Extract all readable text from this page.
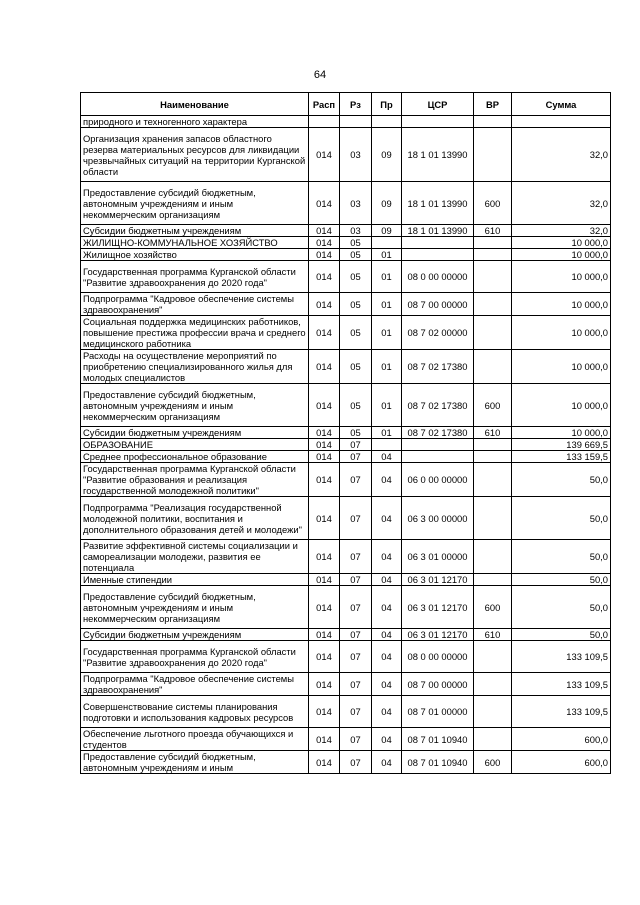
64
Наименование	Расп	Рз	Пр	ЦСР	ВР	Сумма
природного и техногенного характера						
Организация хранения запасов областного резерва материальных ресурсов для ликвидации чрезвычайных ситуаций на территории Курганской области	014	03	09	18 1 01 13990		32,0
Предоставление субсидий бюджетным, автономным учреждениям и иным некоммерческим организациям	014	03	09	18 1 01 13990	600	32,0
Субсидии бюджетным учреждениям	014	03	09	18 1 01 13990	610	32,0
ЖИЛИЩНО-КОММУНАЛЬНОЕ ХОЗЯЙСТВО	014	05				10 000,0
Жилищное хозяйство	014	05	01			10 000,0
Государственная программа Курганской области "Развитие здравоохранения до 2020 года"	014	05	01	08 0 00 00000		10 000,0
Подпрограмма "Кадровое обеспечение системы здравоохранения"	014	05	01	08 7 00 00000		10 000,0
Социальная поддержка медицинских работников, повышение престижа профессии врача и среднего медицинского работника	014	05	01	08 7 02 00000		10 000,0
Расходы на осуществление мероприятий по приобретению специализированного жилья для молодых специалистов	014	05	01	08 7 02 17380		10 000,0
Предоставление субсидий бюджетным, автономным учреждениям и иным некоммерческим организациям	014	05	01	08 7 02 17380	600	10 000,0
Субсидии бюджетным учреждениям	014	05	01	08 7 02 17380	610	10 000,0
ОБРАЗОВАНИЕ	014	07				139 669,5
Среднее профессиональное образование	014	07	04			133 159,5
Государственная программа Курганской области "Развитие образования и реализация государственной молодежной политики"	014	07	04	06 0 00 00000		50,0
Подпрограмма "Реализация государственной молодежной политики, воспитания и дополнительного образования детей и молодежи"	014	07	04	06 3 00 00000		50,0
Развитие эффективной системы социализации и самореализации молодежи, развития ее потенциала	014	07	04	06 3 01 00000		50,0
Именные стипендии	014	07	04	06 3 01 12170		50,0
Предоставление субсидий бюджетным, автономным учреждениям и иным некоммерческим организациям	014	07	04	06 3 01 12170	600	50,0
Субсидии бюджетным учреждениям	014	07	04	06 3 01 12170	610	50,0
Государственная программа Курганской области "Развитие здравоохранения до 2020 года"	014	07	04	08 0 00 00000		133 109,5
Подпрограмма "Кадровое обеспечение системы здравоохранения"	014	07	04	08 7 00 00000		133 109,5
Совершенствование системы планирования подготовки и использования кадровых ресурсов	014	07	04	08 7 01 00000		133 109,5
Обеспечение льготного проезда обучающихся и студентов	014	07	04	08 7 01 10940		600,0
Предоставление субсидий бюджетным, автономным учреждениям и иным	014	07	04	08 7 01 10940	600	600,0
